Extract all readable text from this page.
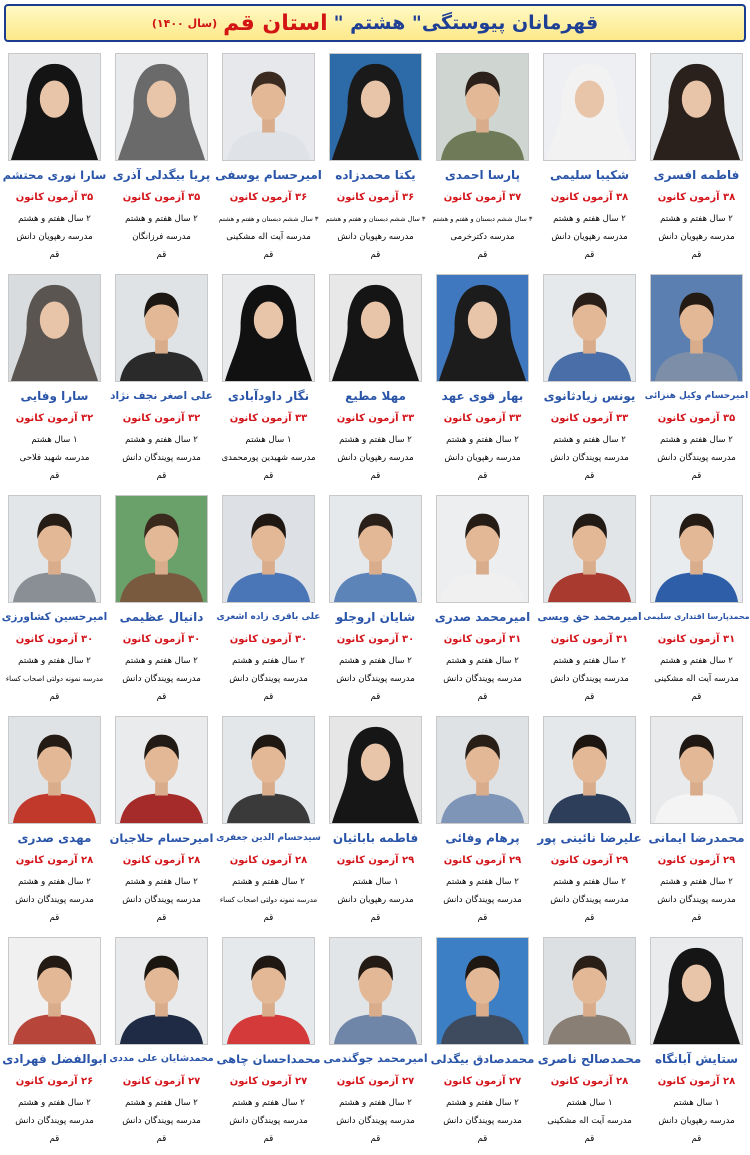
قهرمانان پیوستگی" هشتم "
استان قم
(سال ۱۴۰۰)
فاطمه افسری
۳۸ آزمون کانون
۲ سال هفتم و هشتم
مدرسه رهپویان دانش
قم
شکیبا سلیمی
۳۸ آزمون کانون
۲ سال هفتم و هشتم
مدرسه رهپویان دانش
قم
پارسا احمدی
۳۷ آزمون کانون
۳ سال ششم دبستان و هفتم و هشتم
مدرسه دکترخرمی
قم
یکتا محمدزاده
۳۶ آزمون کانون
۳ سال ششم دبستان و هفتم و هشتم
مدرسه رهپویان دانش
قم
امیرحسام یوسفی
۳۶ آزمون کانون
۳ سال ششم دبستان و هفتم و هشتم
مدرسه آیت اله مشکینی
قم
پریا بیگدلی آذری
۳۵ آزمون کانون
۲ سال هفتم و هشتم
مدرسه فرزانگان
قم
سارا نوری محتشم
۳۵ آزمون کانون
۲ سال هفتم و هشتم
مدرسه رهپویان دانش
قم
امیرحسام وکیل هنزائی
۳۵ آزمون کانون
۲ سال هفتم و هشتم
مدرسه پویندگان دانش
قم
یونس زیادثانوی
۳۳ آزمون کانون
۲ سال هفتم و هشتم
مدرسه پویندگان دانش
قم
بهار قوی عهد
۳۳ آزمون کانون
۲ سال هفتم و هشتم
مدرسه رهپویان دانش
قم
مهلا مطیع
۳۳ آزمون کانون
۲ سال هفتم و هشتم
مدرسه رهپویان دانش
قم
نگار داودآبادی
۳۳ آزمون کانون
۱ سال هشتم
مدرسه شهیدین پورمحمدی
قم
علی اصغر نجف نژاد
۳۲ آزمون کانون
۲ سال هفتم و هشتم
مدرسه پویندگان دانش
قم
سارا وفایی
۳۲ آزمون کانون
۱ سال هشتم
مدرسه شهید فلاحی
قم
محمدپارسا اقتداری سلیمی
۳۱ آزمون کانون
۲ سال هفتم و هشتم
مدرسه آیت اله مشکینی
قم
امیرمحمد حق ویسی
۳۱ آزمون کانون
۲ سال هفتم و هشتم
مدرسه پویندگان دانش
قم
امیرمحمد صدری
۳۱ آزمون کانون
۲ سال هفتم و هشتم
مدرسه پویندگان دانش
قم
شایان اروجلو
۳۰ آزمون کانون
۲ سال هفتم و هشتم
مدرسه پویندگان دانش
قم
علی باقری زاده اشعری
۳۰ آزمون کانون
۲ سال هفتم و هشتم
مدرسه پویندگان دانش
قم
دانیال عظیمی
۳۰ آزمون کانون
۲ سال هفتم و هشتم
مدرسه پویندگان دانش
قم
امیرحسین کشاورزی
۳۰ آزمون کانون
۲ سال هفتم و هشتم
مدرسه نمونه دولتی اصحاب کساء
قم
محمدرضا ایمانی
۲۹ آزمون کانون
۲ سال هفتم و هشتم
مدرسه پویندگان دانش
قم
علیرضا نائینی پور
۲۹ آزمون کانون
۲ سال هفتم و هشتم
مدرسه پویندگان دانش
قم
پرهام وفائی
۲۹ آزمون کانون
۲ سال هفتم و هشتم
مدرسه پویندگان دانش
قم
فاطمه باباثیان
۲۹ آزمون کانون
۱ سال هشتم
مدرسه رهپویان دانش
قم
سیدحسام الدین جعفری
۲۸ آزمون کانون
۲ سال هفتم و هشتم
مدرسه نمونه دولتی اصحاب کساء
قم
امیرحسام حلاجیان
۲۸ آزمون کانون
۲ سال هفتم و هشتم
مدرسه پویندگان دانش
قم
مهدی صدری
۲۸ آزمون کانون
۲ سال هفتم و هشتم
مدرسه پویندگان دانش
قم
ستایش آبانگاه
۲۸ آزمون کانون
۱ سال هشتم
مدرسه رهپویان دانش
قم
محمدصالح ناصری
۲۸ آزمون کانون
۱ سال هشتم
مدرسه آیت اله مشکینی
قم
محمدصادق بیگدلی
۲۷ آزمون کانون
۲ سال هفتم و هشتم
مدرسه پویندگان دانش
قم
امیرمحمد جوگندمی
۲۷ آزمون کانون
۲ سال هفتم و هشتم
مدرسه پویندگان دانش
قم
محمداحسان چاهی
۲۷ آزمون کانون
۲ سال هفتم و هشتم
مدرسه پویندگان دانش
قم
محمدشایان علی مددی
۲۷ آزمون کانون
۲ سال هفتم و هشتم
مدرسه پویندگان دانش
قم
ابوالفضل فهرادی
۲۶ آزمون کانون
۲ سال هفتم و هشتم
مدرسه پویندگان دانش
قم
